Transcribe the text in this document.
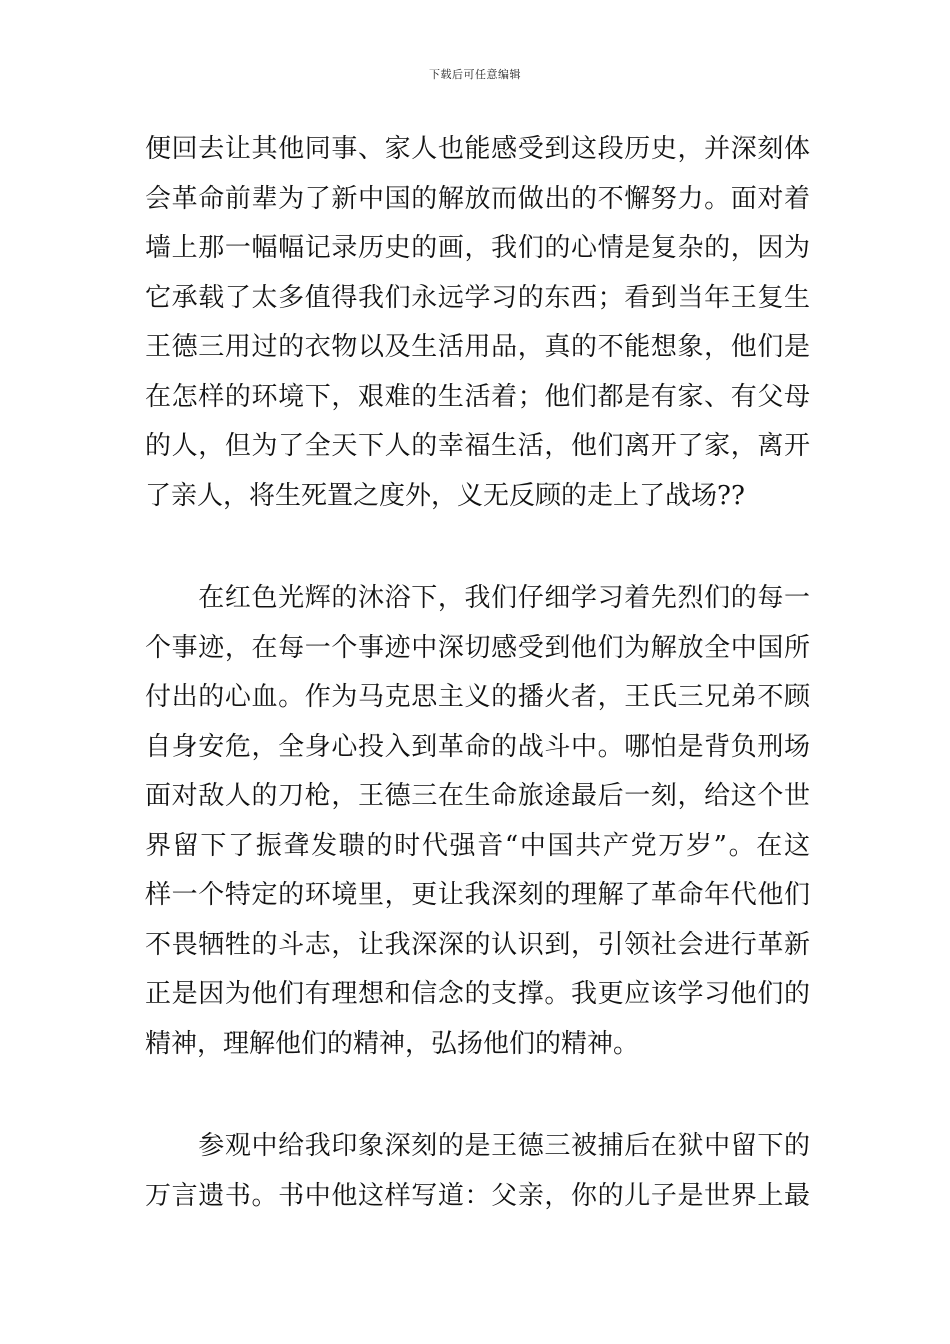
下载后可任意编辑
便回去让其他同事、家人也能感受到这段历史，并深刻体
会革命前辈为了新中国的解放而做出的不懈努力。面对着
墙上那一幅幅记录历史的画，我们的心情是复杂的，因为
它承载了太多值得我们永远学习的东西；看到当年王复生
王德三用过的衣物以及生活用品，真的不能想象，他们是
在怎样的环境下，艰难的生活着；他们都是有家、有父母
的人，但为了全天下人的幸福生活，他们离开了家，离开
了亲人，将生死置之度外，义无反顾的走上了战场??
　　在红色光辉的沐浴下，我们仔细学习着先烈们的每一
个事迹，在每一个事迹中深切感受到他们为解放全中国所
付出的心血。作为马克思主义的播火者，王氏三兄弟不顾
自身安危，全身心投入到革命的战斗中。哪怕是背负刑场
面对敌人的刀枪，王德三在生命旅途最后一刻，给这个世
界留下了振聋发聩的时代强音“中国共产党万岁”。在这
样一个特定的环境里，更让我深刻的理解了革命年代他们
不畏牺牲的斗志，让我深深的认识到，引领社会进行革新
正是因为他们有理想和信念的支撑。我更应该学习他们的
精神，理解他们的精神，弘扬他们的精神。
　　参观中给我印象深刻的是王德三被捕后在狱中留下的
万言遗书。书中他这样写道：父亲，你的儿子是世界上最
